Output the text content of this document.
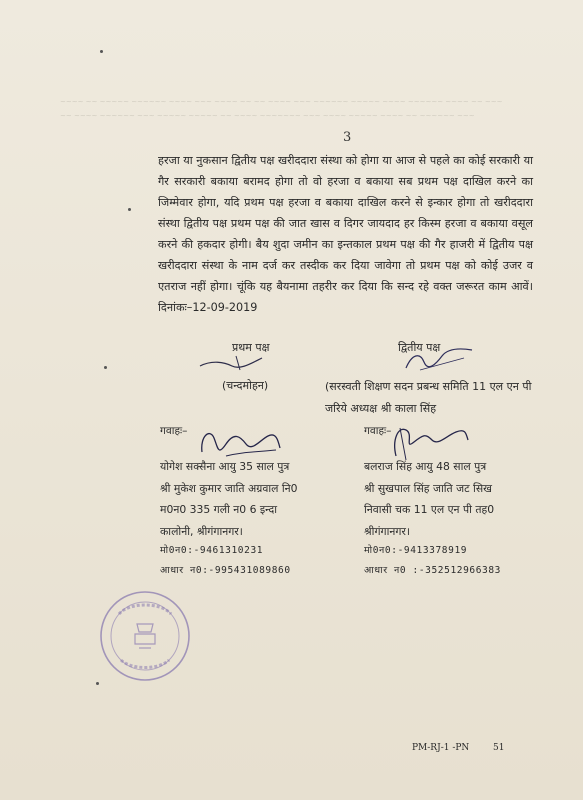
~~~~ ~~ ~~~~~ ~~~~~~ ~~~~ ~~~ ~~~~ ~~ ~~ ~~~~ ~~~ ~~~~~~ ~~~~~ ~~~~ ~~~~~~ ~~~~ ~~ ~~~
~~ ~~~~ ~~~~~~ ~~~ ~~~~~ ~~~~~ ~~ ~~~~ ~~~~~~~ ~~~ ~~~~ ~~~~~ ~~~~ ~~ ~~~~~~ ~~~
3
हरजा या नुकसान द्वितीय पक्ष खरीददारा संस्था को होगा या आज से पहले का कोई सरकारी या गैर सरकारी बकाया बरामद होगा तो वो हरजा व बकाया सब प्रथम पक्ष दाखिल करने का जिम्मेवार होगा, यदि प्रथम पक्ष हरजा व बकाया दाखिल करने से इन्कार होगा तो खरीददारा संस्था द्वितीय पक्ष प्रथम पक्ष की जात खास व दिगर जायदाद हर किस्म हरजा व बकाया वसूल करने की हकदार होगी। बैय शुदा जमीन का इन्तकाल प्रथम पक्ष की गैर हाजरी में द्वितीय पक्ष खरीददारा संस्था के नाम दर्ज कर तस्दीक कर दिया जावेगा तो प्रथम पक्ष को कोई उजर व एतराज नहीं होगा। चूंकि यह बैयनामा तहरीर कर दिया कि सन्द रहे वक्त जरूरत काम आवें। दिनांकः–12-09-2019
प्रथम पक्ष
(चन्दमोहन)
द्वितीय पक्ष
(सरस्वती शिक्षण सदन प्रबन्ध समिति 11 एल एन पी जरिये अध्यक्ष श्री काला सिंह
गवाहः–	गवाहः–
योगेश सक्सैना आयु 35 साल पुत्र
श्री मुकेश कुमार जाति अग्रवाल नि0
म0न0 335 गली न0 6 इन्दा
कालोनी, श्रीगंगानगर।
मो0न0:-9461310231
आधार न0:-995431089860
बलराज सिंह आयु 48 साल पुत्र
श्री सुखपाल सिंह जाति जट सिख
निवासी चक 11 एल एन पी तह0
श्रीगंगानगर।
मो0न0:-9413378919
आधार न0 :-352512966383
PM-RJ-1 -PN	51
